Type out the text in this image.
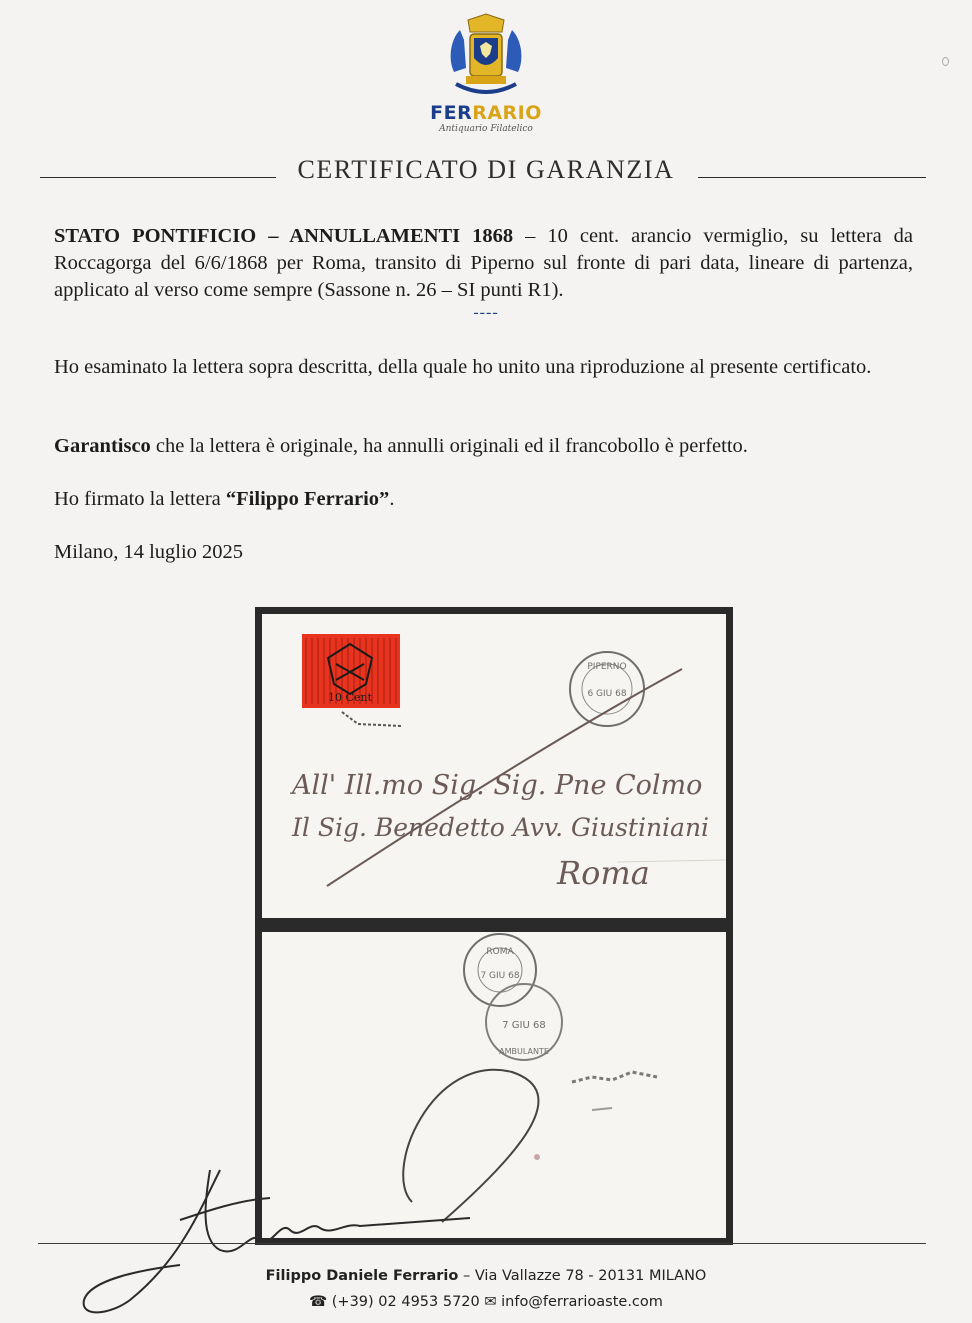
FERRARIO
Antiquario Filatelico
CERTIFICATO DI GARANZIA

STATO PONTIFICIO – ANNULLAMENTI 1868 – 10 cent. arancio vermiglio, su lettera da Roccagorga del 6/6/1868 per Roma, transito di Piperno sul fronte di pari data, lineare di partenza, applicato al verso come sempre (Sassone n. 26 – SI punti R1).

----

Ho esaminato la lettera sopra descritta, della quale ho unito una riproduzione al presente certificato.

Garantisco che la lettera è originale, ha annulli originali ed il francobollo è perfetto.

Ho firmato la lettera “Filippo Ferrario”.

Milano, 14 luglio 2025

10 Cent
PIPERNO
6 GIU 68
All' Ill.mo Sig. Sig. Pne Colmo
Il Sig. Benedetto Avv. Giustiniani
Roma
ROMA
7 GIU 68
7 GIU 68
AMBULANTE
Filippo Daniele Ferrario – Via Vallazze 78 - 20131 MILANO
☎ (+39) 02 4953 5720 ✉ info@ferrarioaste.com
